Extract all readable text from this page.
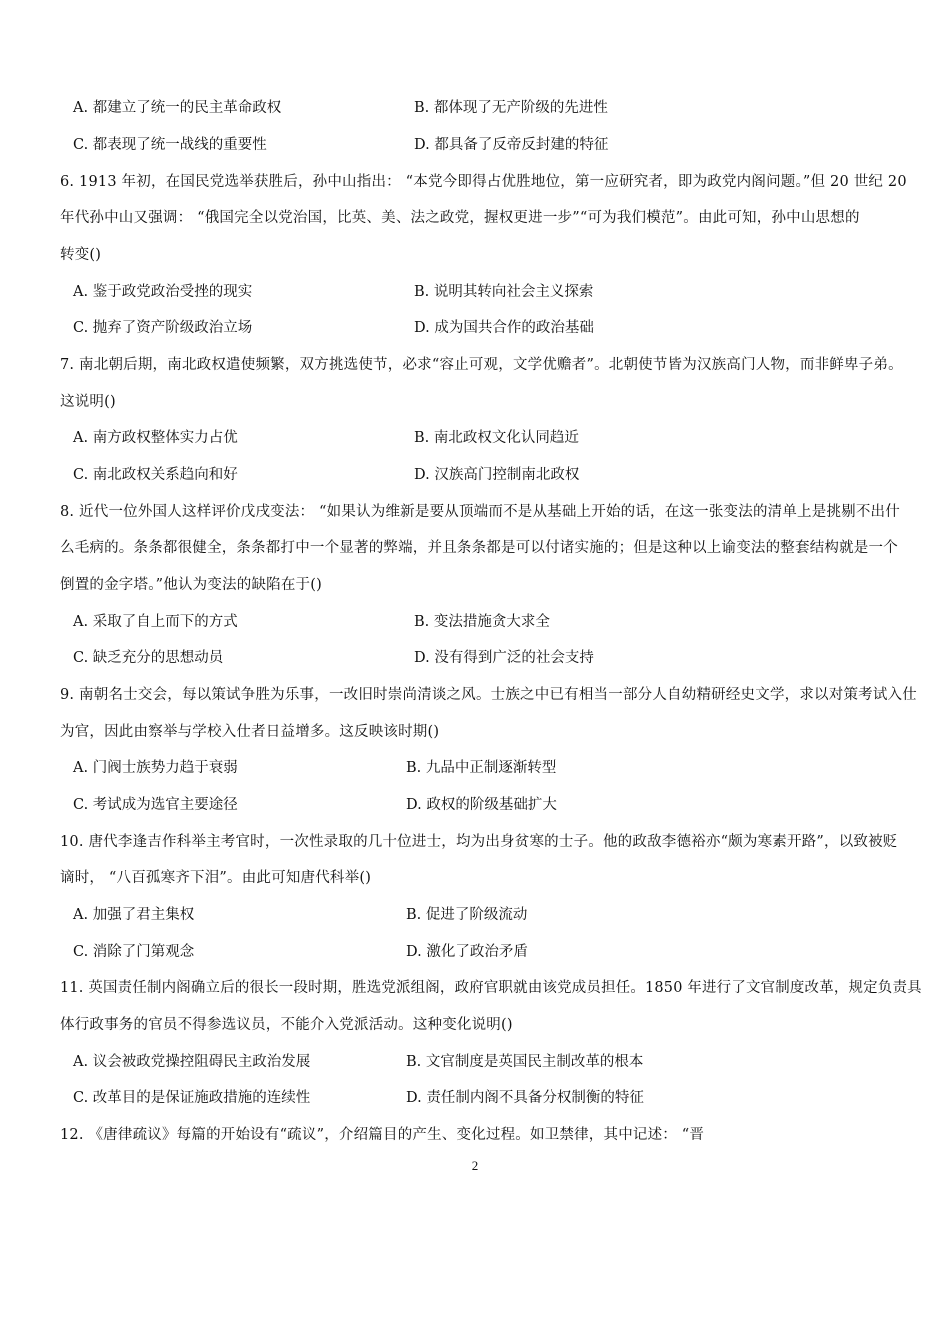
A. 都建立了统一的民主革命政权	B. 都体现了无产阶级的先进性
C. 都表现了统一战线的重要性	D. 都具备了反帝反封建的特征
6. 1913 年初，在国民党选举获胜后，孙中山指出： “本党今即得占优胜地位，第一应研究者，即为政党内阁问题。”但 20 世纪 20
年代孙中山又强调： “俄国完全以党治国，比英、美、法之政党，握权更进一步”“可为我们模范”。由此可知，孙中山思想的
转变()
A. 鉴于政党政治受挫的现实	B. 说明其转向社会主义探索
C. 抛弃了资产阶级政治立场	D. 成为国共合作的政治基础
7. 南北朝后期，南北政权遣使频繁，双方挑选使节，必求“容止可观，文学优赡者”。北朝使节皆为汉族高门人物，而非鲜卑子弟。
这说明()
A. 南方政权整体实力占优	B. 南北政权文化认同趋近
C. 南北政权关系趋向和好	D. 汉族高门控制南北政权
8. 近代一位外国人这样评价戊戌变法： “如果认为维新是要从顶端而不是从基础上开始的话，在这一张变法的清单上是挑剔不出什
么毛病的。条条都很健全，条条都打中一个显著的弊端，并且条条都是可以付诸实施的；但是这种以上谕变法的整套结构就是一个
倒置的金字塔。”他认为变法的缺陷在于()
A. 采取了自上而下的方式	B. 变法措施贪大求全
C. 缺乏充分的思想动员	D. 没有得到广泛的社会支持
9. 南朝名士交会，每以策试争胜为乐事，一改旧时崇尚清谈之风。士族之中已有相当一部分人自幼精研经史文学，求以对策考试入仕
为官，因此由察举与学校入仕者日益增多。这反映该时期()
A. 门阀士族势力趋于衰弱	B. 九品中正制逐渐转型
C. 考试成为选官主要途径	D. 政权的阶级基础扩大
10. 唐代李逢吉作科举主考官时，一次性录取的几十位进士，均为出身贫寒的士子。他的政敌李德裕亦“颇为寒素开路”，以致被贬
谪时， “八百孤寒齐下泪”。由此可知唐代科举()
A. 加强了君主集权	B. 促进了阶级流动
C. 消除了门第观念	D. 激化了政治矛盾
11. 英国责任制内阁确立后的很长一段时期，胜选党派组阁，政府官职就由该党成员担任。1850 年进行了文官制度改革，规定负责具
体行政事务的官员不得参选议员，不能介入党派活动。这种变化说明()
A. 议会被政党操控阻碍民主政治发展	B. 文官制度是英国民主制改革的根本
C. 改革目的是保证施政措施的连续性	D. 责任制内阁不具备分权制衡的特征
12. 《唐律疏议》每篇的开始设有“疏议”，介绍篇目的产生、变化过程。如卫禁律，其中记述： “晋
2
